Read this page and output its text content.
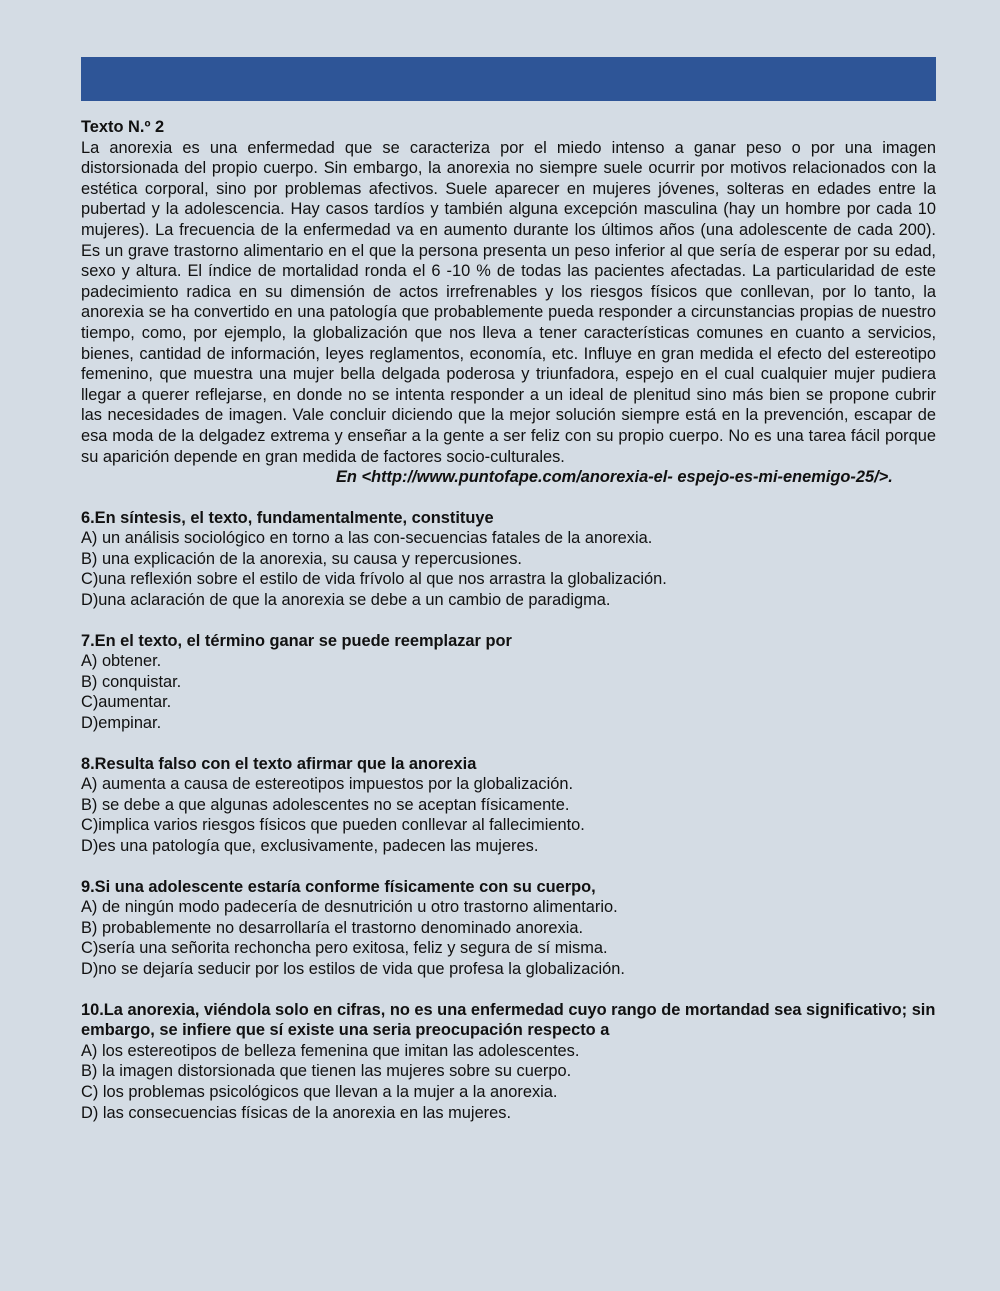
Texto N.º 2

La anorexia es una enfermedad que se caracteriza por el miedo intenso a ganar peso o por una imagen distorsionada del propio cuerpo. Sin embargo, la anorexia no siempre suele ocurrir por motivos relacionados con la estética corporal, sino por problemas afectivos. Suele aparecer en mujeres jóvenes, solteras en edades entre la pubertad y la adolescencia. Hay casos tardíos y también alguna excepción masculina (hay un hombre por cada 10 mujeres). La frecuencia de la enfermedad va en aumento durante los últimos años (una adolescente de cada 200). Es un grave trastorno alimentario en el que la persona presenta un peso inferior al que sería de esperar por su edad, sexo y altura. El índice de mortalidad ronda el 6 -10 % de todas las pacientes afectadas. La particularidad de este padecimiento radica en su dimensión de actos irrefrenables y los riesgos físicos que conllevan, por lo tanto, la anorexia se ha convertido en una patología que probablemente pueda responder a circunstancias propias de nuestro tiempo, como, por ejemplo, la globalización que nos lleva a tener características comunes en cuanto a servicios, bienes, cantidad de información, leyes reglamentos, economía, etc. Influye en gran medida el efecto del estereotipo femenino, que muestra una mujer bella delgada poderosa y triunfadora, espejo en el cual cualquier mujer pudiera llegar a querer reflejarse, en donde no se intenta responder a un ideal de plenitud sino más bien se propone cubrir las necesidades de imagen. Vale concluir diciendo que la mejor solución siempre está en la prevención, escapar de esa moda de la delgadez extrema y enseñar a la gente a ser feliz con su propio cuerpo. No es una tarea fácil porque su aparición depende en gran medida de factores socio-culturales.

En <http://www.puntofape.com/anorexia-el- espejo-es-mi-enemigo-25/>.

6.En síntesis, el texto, fundamentalmente, constituye

A) un análisis sociológico en torno a las con-secuencias fatales de la anorexia.

B) una explicación de la anorexia, su causa y repercusiones.

C)una reflexión sobre el estilo de vida frívolo al que nos arrastra la globalización.

D)una aclaración de que la anorexia se debe a un cambio de paradigma.

7.En el texto, el término ganar se puede reemplazar por

A) obtener.

B) conquistar.

C)aumentar.

D)empinar.

8.Resulta falso con el texto afirmar que la anorexia

A) aumenta a causa de estereotipos impuestos por la globalización.

B) se debe a que algunas adolescentes no se aceptan físicamente.

C)implica varios riesgos físicos que pueden conllevar al fallecimiento.

D)es una patología que, exclusivamente, padecen las mujeres.

9.Si una adolescente estaría conforme físicamente con su cuerpo,

A) de ningún modo padecería de desnutrición u otro trastorno alimentario.

B) probablemente no desarrollaría el trastorno denominado anorexia.

C)sería una señorita rechoncha pero exitosa, feliz y segura de sí misma.

D)no se dejaría seducir por los estilos de vida que profesa la globalización.

10.La anorexia, viéndola solo en cifras, no es una enfermedad cuyo rango de mortandad sea significativo; sin embargo, se infiere que sí existe una seria preocupación respecto a

A) los estereotipos de belleza femenina que imitan las adolescentes.

B) la imagen distorsionada que tienen las mujeres sobre su cuerpo.

C) los problemas psicológicos que llevan a la mujer a la anorexia.

D) las consecuencias físicas de la anorexia en las mujeres.
